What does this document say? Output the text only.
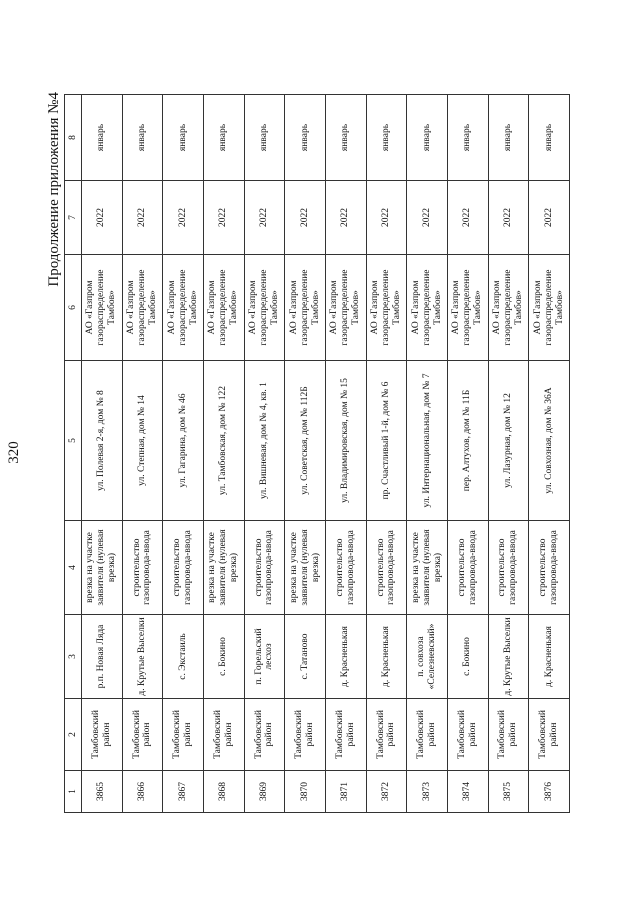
320
Продолжение приложения №4
1	2	3	4	5	6	7	8
3865	Тамбовский район	р.п. Новая Ляда	врезка на участке заявителя (нулевая врезка)	ул. Полевая 2-я, дом № 8	АО «Газпром газораспределение Тамбов»	2022	январь
3866	Тамбовский район	д. Крутые Выселки	строительство газопровода-ввода	ул. Степная, дом № 14	АО «Газпром газораспределение Тамбов»	2022	январь
3867	Тамбовский район	с. Экстаиль	строительство газопровода-ввода	ул. Гагарина, дом № 46	АО «Газпром газораспределение Тамбов»	2022	январь
3868	Тамбовский район	с. Бокино	врезка на участке заявителя (нулевая врезка)	ул. Тамбовская, дом № 122	АО «Газпром газораспределение Тамбов»	2022	январь
3869	Тамбовский район	п. Горельский лесхоз	строительство газопровода-ввода	ул. Вишневая, дом № 4, кв. 1	АО «Газпром газораспределение Тамбов»	2022	январь
3870	Тамбовский район	с. Татаново	врезка на участке заявителя (нулевая врезка)	ул. Советская, дом № 112Б	АО «Газпром газораспределение Тамбов»	2022	январь
3871	Тамбовский район	д. Красненькая	строительство газопровода-ввода	ул. Владимировская, дом № 15	АО «Газпром газораспределение Тамбов»	2022	январь
3872	Тамбовский район	д. Красненькая	строительство газопровода-ввода	пр. Счастливый 1-й, дом № 6	АО «Газпром газораспределение Тамбов»	2022	январь
3873	Тамбовский район	п. совхоза «Селезневский»	врезка на участке заявителя (нулевая врезка)	ул. Интернациональная, дом № 7	АО «Газпром газораспределение Тамбов»	2022	январь
3874	Тамбовский район	с. Бокино	строительство газопровода-ввода	пер. Алтухов, дом № 11Б	АО «Газпром газораспределение Тамбов»	2022	январь
3875	Тамбовский район	д. Крутые Выселки	строительство газопровода-ввода	ул. Лазурная, дом № 12	АО «Газпром газораспределение Тамбов»	2022	январь
3876	Тамбовский район	д. Красненькая	строительство газопровода-ввода	ул. Совхозная, дом № 36А	АО «Газпром газораспределение Тамбов»	2022	январь
